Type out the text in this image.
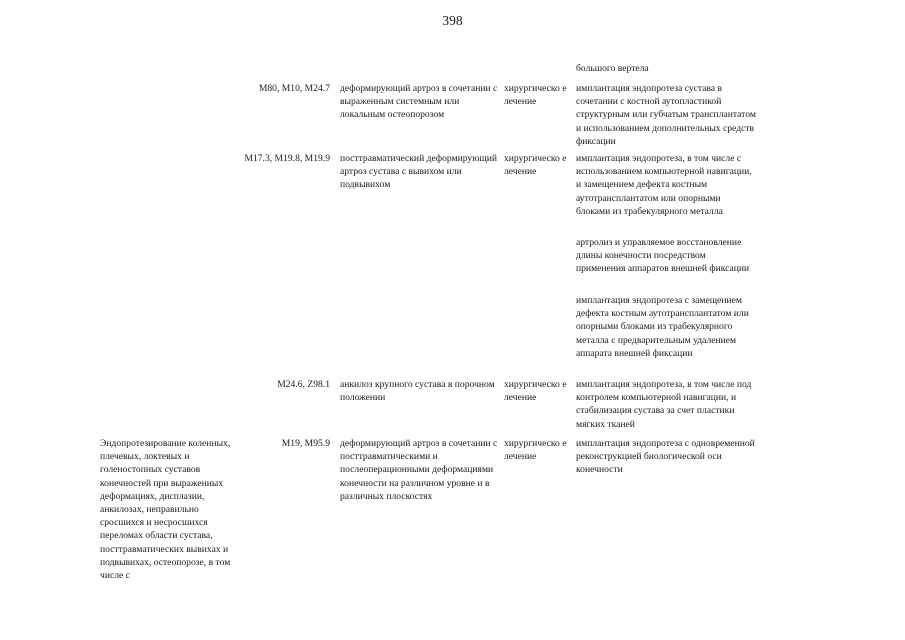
398
большого вертела
M80, M10, M24.7 деформирующий артроз в сочетании с выраженным системным или локальным остеопорозом
хирургическо е лечение
имплантация эндопротеза сустава в сочетании с костной аутопластикой структурным или губчатым трансплантатом и использованием дополнительных средств фиксации
M17.3, M19.8, M19.9 посттравматический деформирующий артроз сустава с вывихом или подвывихом
хирургическо е лечение
имплантация эндопротеза, в том числе с использованием компьютерной навигации, и замещением дефекта костным аутотрансплантатом или опорными блоками из трабекулярного металла
артролиз и управляемое восстановление длины конечности посредством применения аппаратов внешней фиксации
имплантация эндопротеза с замещением дефекта костным аутотрансплантатом или опорными блоками из трабекулярного металла с предварительным удалением аппарата внешней фиксации
M24.6, Z98.1 анкилоз крупного сустава в порочном положении
хирургическо е лечение
имплантация эндопротеза, в том числе под контролем компьютерной навигации, и стабилизация сустава за счет пластики мягких тканей
Эндопротезирование коленных, плечевых, локтевых и голеностопных суставов конечностей при выраженных деформациях, дисплазии, анкилозах, неправильно сросшихся и несросшихся переломах области сустава, посттравматических вывихах и подвывихах, остеопорозе, в том числе с
M19, M95.9 деформирующий артроз в сочетании с посттравматическими и послеоперационными деформациями конечности на различном уровне и в различных плоскостях
хирургическо е лечение
имплантация эндопротеза с одновременной реконструкцией биологической оси конечности
